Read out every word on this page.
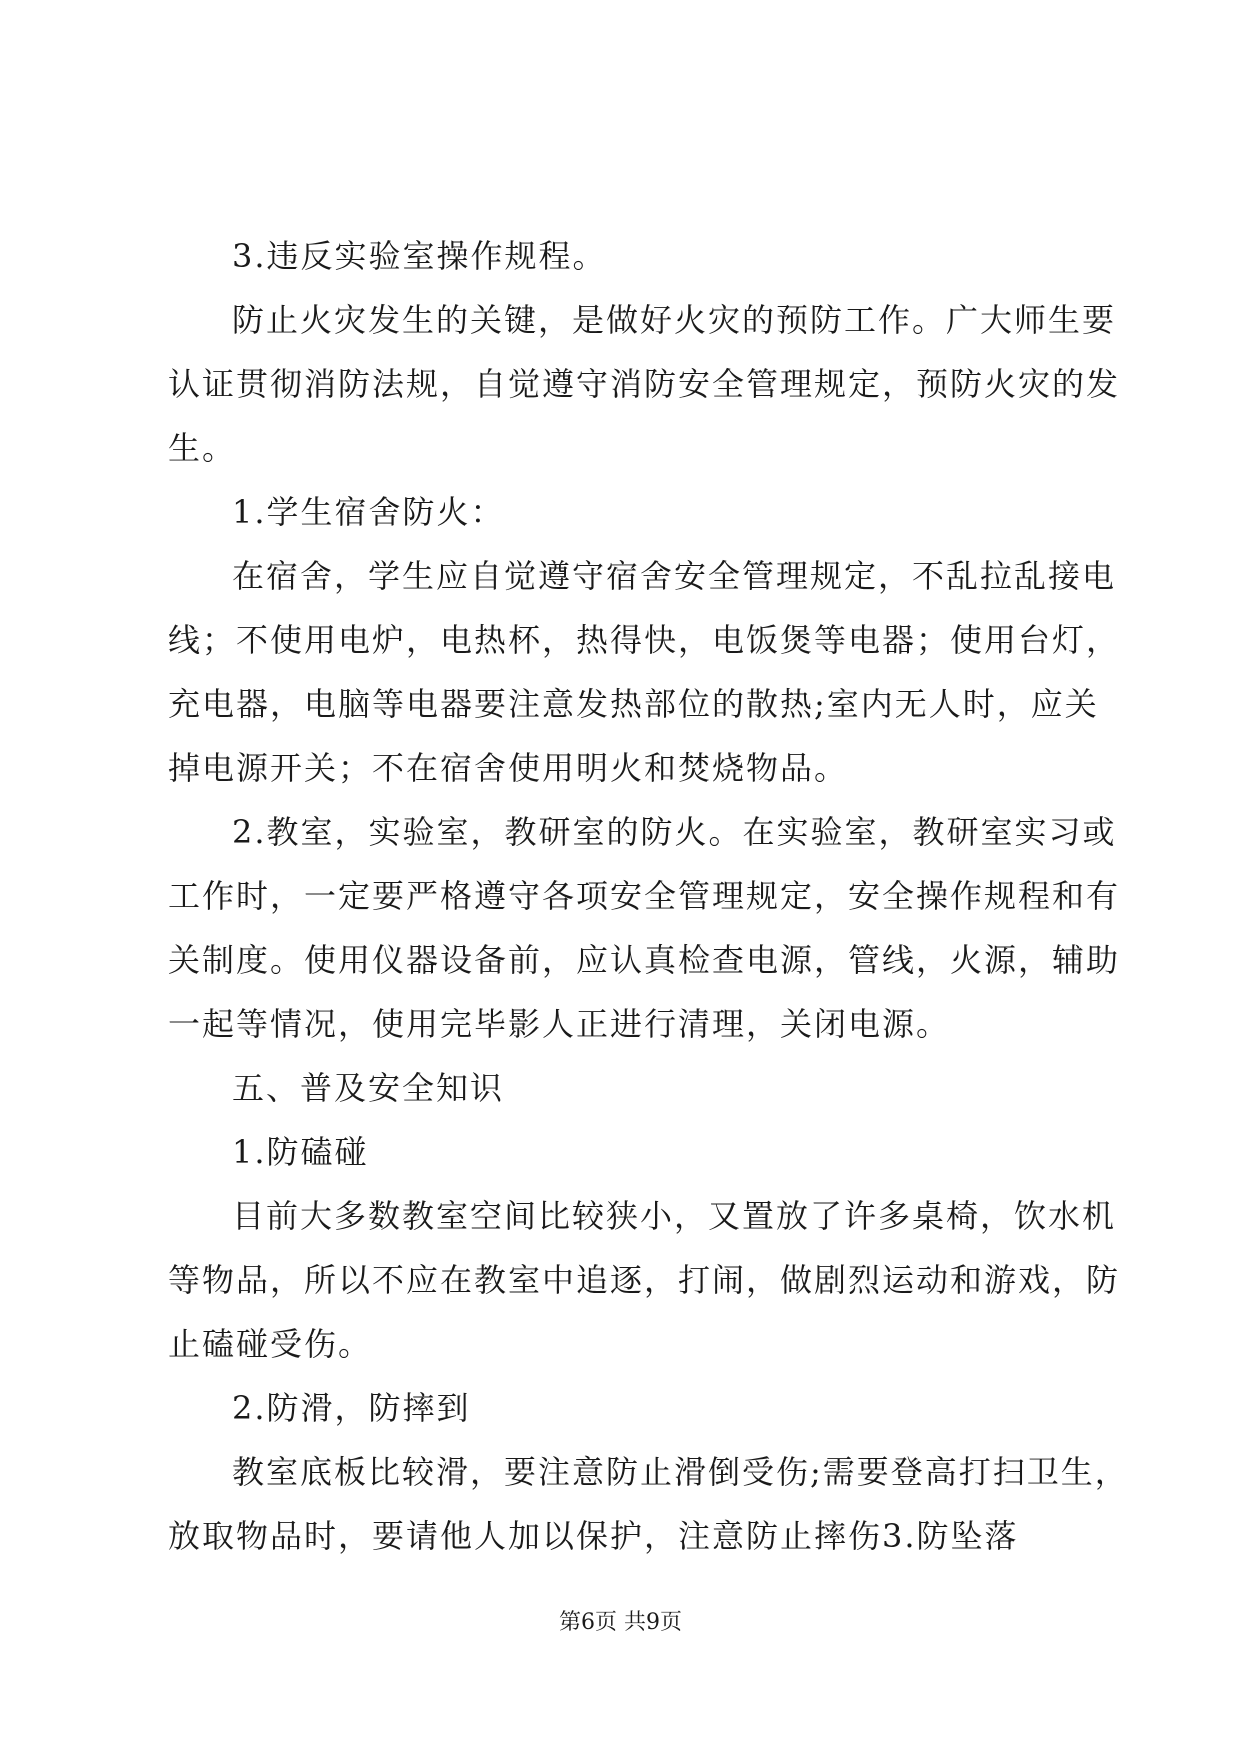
3.违反实验室操作规程。
防止火灾发生的关键，是做好火灾的预防工作。广大师生要
认证贯彻消防法规，自觉遵守消防安全管理规定，预防火灾的发
生。
1.学生宿舍防火：
在宿舍，学生应自觉遵守宿舍安全管理规定，不乱拉乱接电
线；不使用电炉，电热杯，热得快，电饭煲等电器；使用台灯，
充电器，电脑等电器要注意发热部位的散热;室内无人时，应关
掉电源开关；不在宿舍使用明火和焚烧物品。
2.教室，实验室，教研室的防火。在实验室，教研室实习或
工作时，一定要严格遵守各项安全管理规定，安全操作规程和有
关制度。使用仪器设备前，应认真检查电源，管线，火源，辅助
一起等情况，使用完毕影人正进行清理，关闭电源。
五、普及安全知识
1.防磕碰
目前大多数教室空间比较狭小，又置放了许多桌椅，饮水机
等物品，所以不应在教室中追逐，打闹，做剧烈运动和游戏，防
止磕碰受伤。
2.防滑，防摔到
教室底板比较滑，要注意防止滑倒受伤;需要登高打扫卫生，
放取物品时，要请他人加以保护，注意防止摔伤3.防坠落
第6页 共9页
